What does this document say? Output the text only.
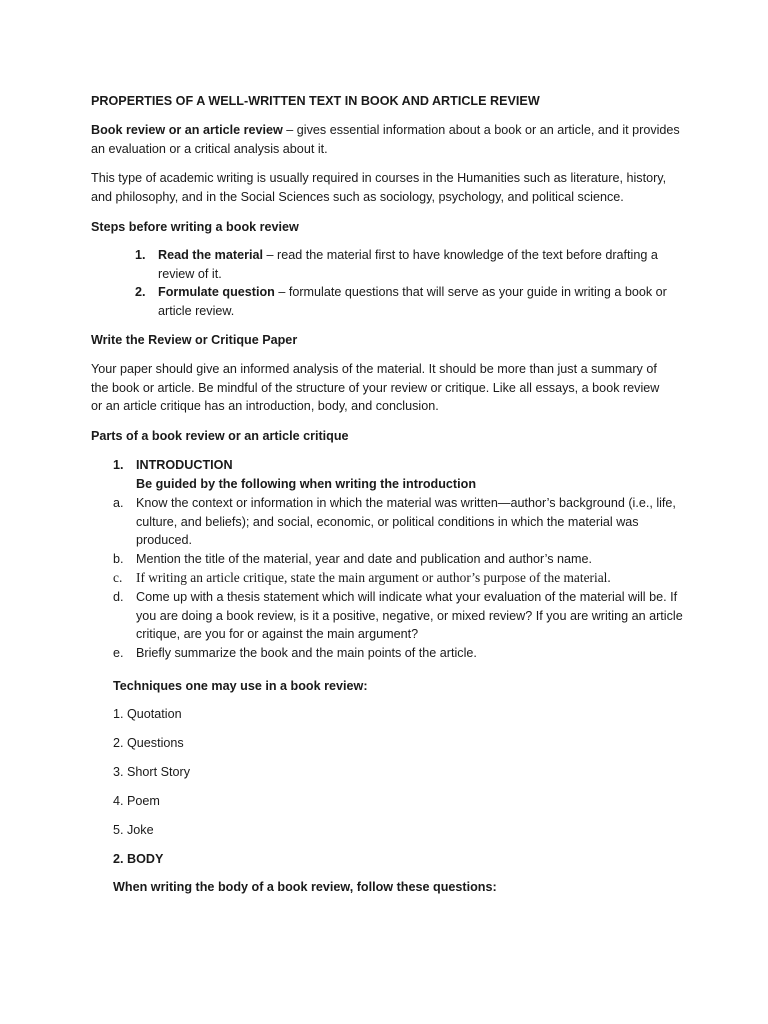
PROPERTIES OF A WELL-WRITTEN TEXT IN BOOK AND ARTICLE REVIEW

Book review or an article review – gives essential information about a book or an article, and it provides an evaluation or a critical analysis about it.

This type of academic writing is usually required in courses in the Humanities such as literature, history, and philosophy, and in the Social Sciences such as sociology, psychology, and political science.

Steps before writing a book review

1. Read the material – read the material first to have knowledge of the text before drafting a review of it.
2. Formulate question – formulate questions that will serve as your guide in writing a book or article review.

Write the Review or Critique Paper

Your paper should give an informed analysis of the material. It should be more than just a summary of the book or article. Be mindful of the structure of your review or critique. Like all essays, a book review or an article critique has an introduction, body, and conclusion.

Parts of a book review or an article critique

1. INTRODUCTION
Be guided by the following when writing the introduction
a. Know the context or information in which the material was written—author’s background (i.e., life, culture, and beliefs); and social, economic, or political conditions in which the material was produced.
b. Mention the title of the material, year and date and publication and author’s name.
c. If writing an article critique, state the main argument or author’s purpose of the material.
d. Come up with a thesis statement which will indicate what your evaluation of the material will be. If you are doing a book review, is it a positive, negative, or mixed review? If you are writing an article critique, are you for or against the main argument?
e. Briefly summarize the book and the main points of the article.

Techniques one may use in a book review:

1. Quotation

2. Questions

3. Short Story

4. Poem

5. Joke

2. BODY

When writing the body of a book review, follow these questions:
